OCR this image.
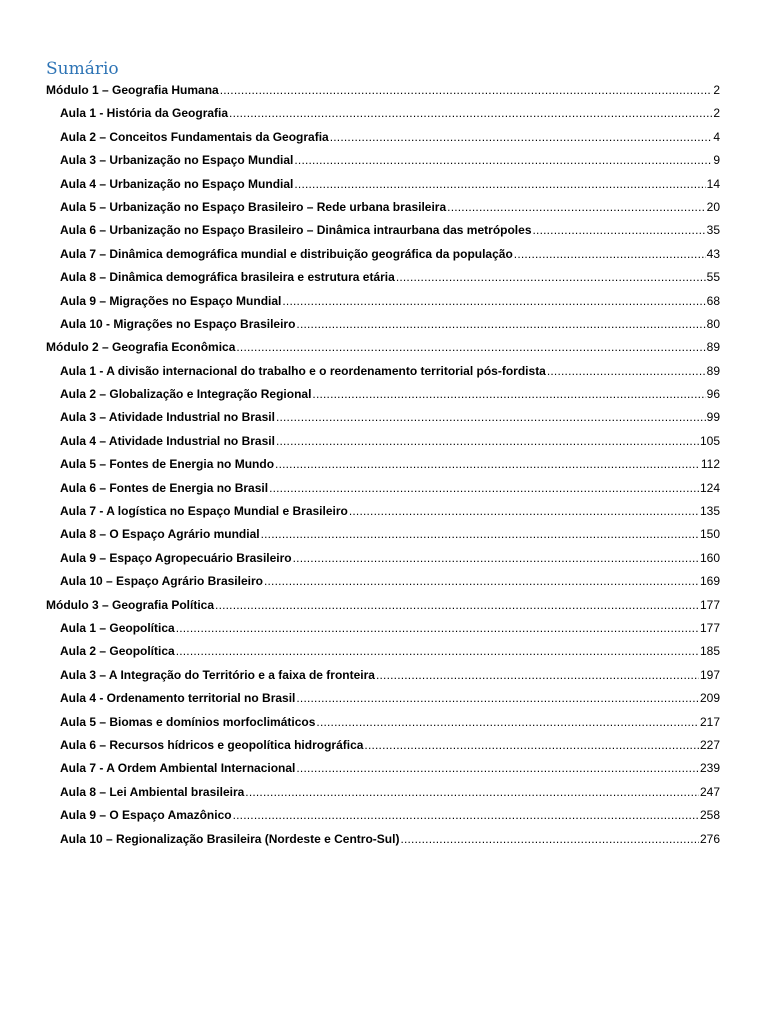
Sumário
Módulo 1 – Geografia Humana .....	2
Aula 1 - História da Geografia .....	2
Aula 2 – Conceitos Fundamentais da Geografia .....	4
Aula 3 – Urbanização no Espaço Mundial .....	9
Aula 4 – Urbanização no Espaço Mundial .....	14
Aula 5 – Urbanização no Espaço Brasileiro – Rede urbana brasileira .....	20
Aula 6 – Urbanização no Espaço Brasileiro – Dinâmica intraurbana das metrópoles .....	35
Aula 7 – Dinâmica demográfica mundial e distribuição geográfica da população .....	43
Aula 8 – Dinâmica demográfica brasileira e estrutura etária .....	55
Aula 9 – Migrações no Espaço Mundial .....	68
Aula 10 - Migrações no Espaço Brasileiro .....	80
Módulo 2 – Geografia Econômica .....	89
Aula 1 - A divisão internacional do trabalho e o reordenamento territorial pós-fordista .....	89
Aula 2 – Globalização e Integração Regional .....	96
Aula 3 – Atividade Industrial no Brasil .....	99
Aula 4 – Atividade Industrial no Brasil .....	105
Aula 5 – Fontes de Energia no Mundo .....	112
Aula 6 – Fontes de Energia no Brasil .....	124
Aula 7 - A logística no Espaço Mundial e Brasileiro .....	135
Aula 8 – O Espaço Agrário mundial .....	150
Aula 9 – Espaço Agropecuário Brasileiro .....	160
Aula 10 – Espaço Agrário Brasileiro .....	169
Módulo 3 – Geografia Política .....	177
Aula 1 – Geopolítica .....	177
Aula 2 – Geopolítica .....	185
Aula 3 – A Integração do Território e a faixa de fronteira .....	197
Aula 4 - Ordenamento territorial no Brasil .....	209
Aula 5 – Biomas e domínios morfoclimáticos .....	217
Aula 6 – Recursos hídricos e geopolítica hidrográfica .....	227
Aula 7 - A Ordem Ambiental Internacional .....	239
Aula 8 – Lei Ambiental brasileira .....	247
Aula 9 – O Espaço Amazônico .....	258
Aula 10 – Regionalização Brasileira (Nordeste e Centro-Sul) .....	276
